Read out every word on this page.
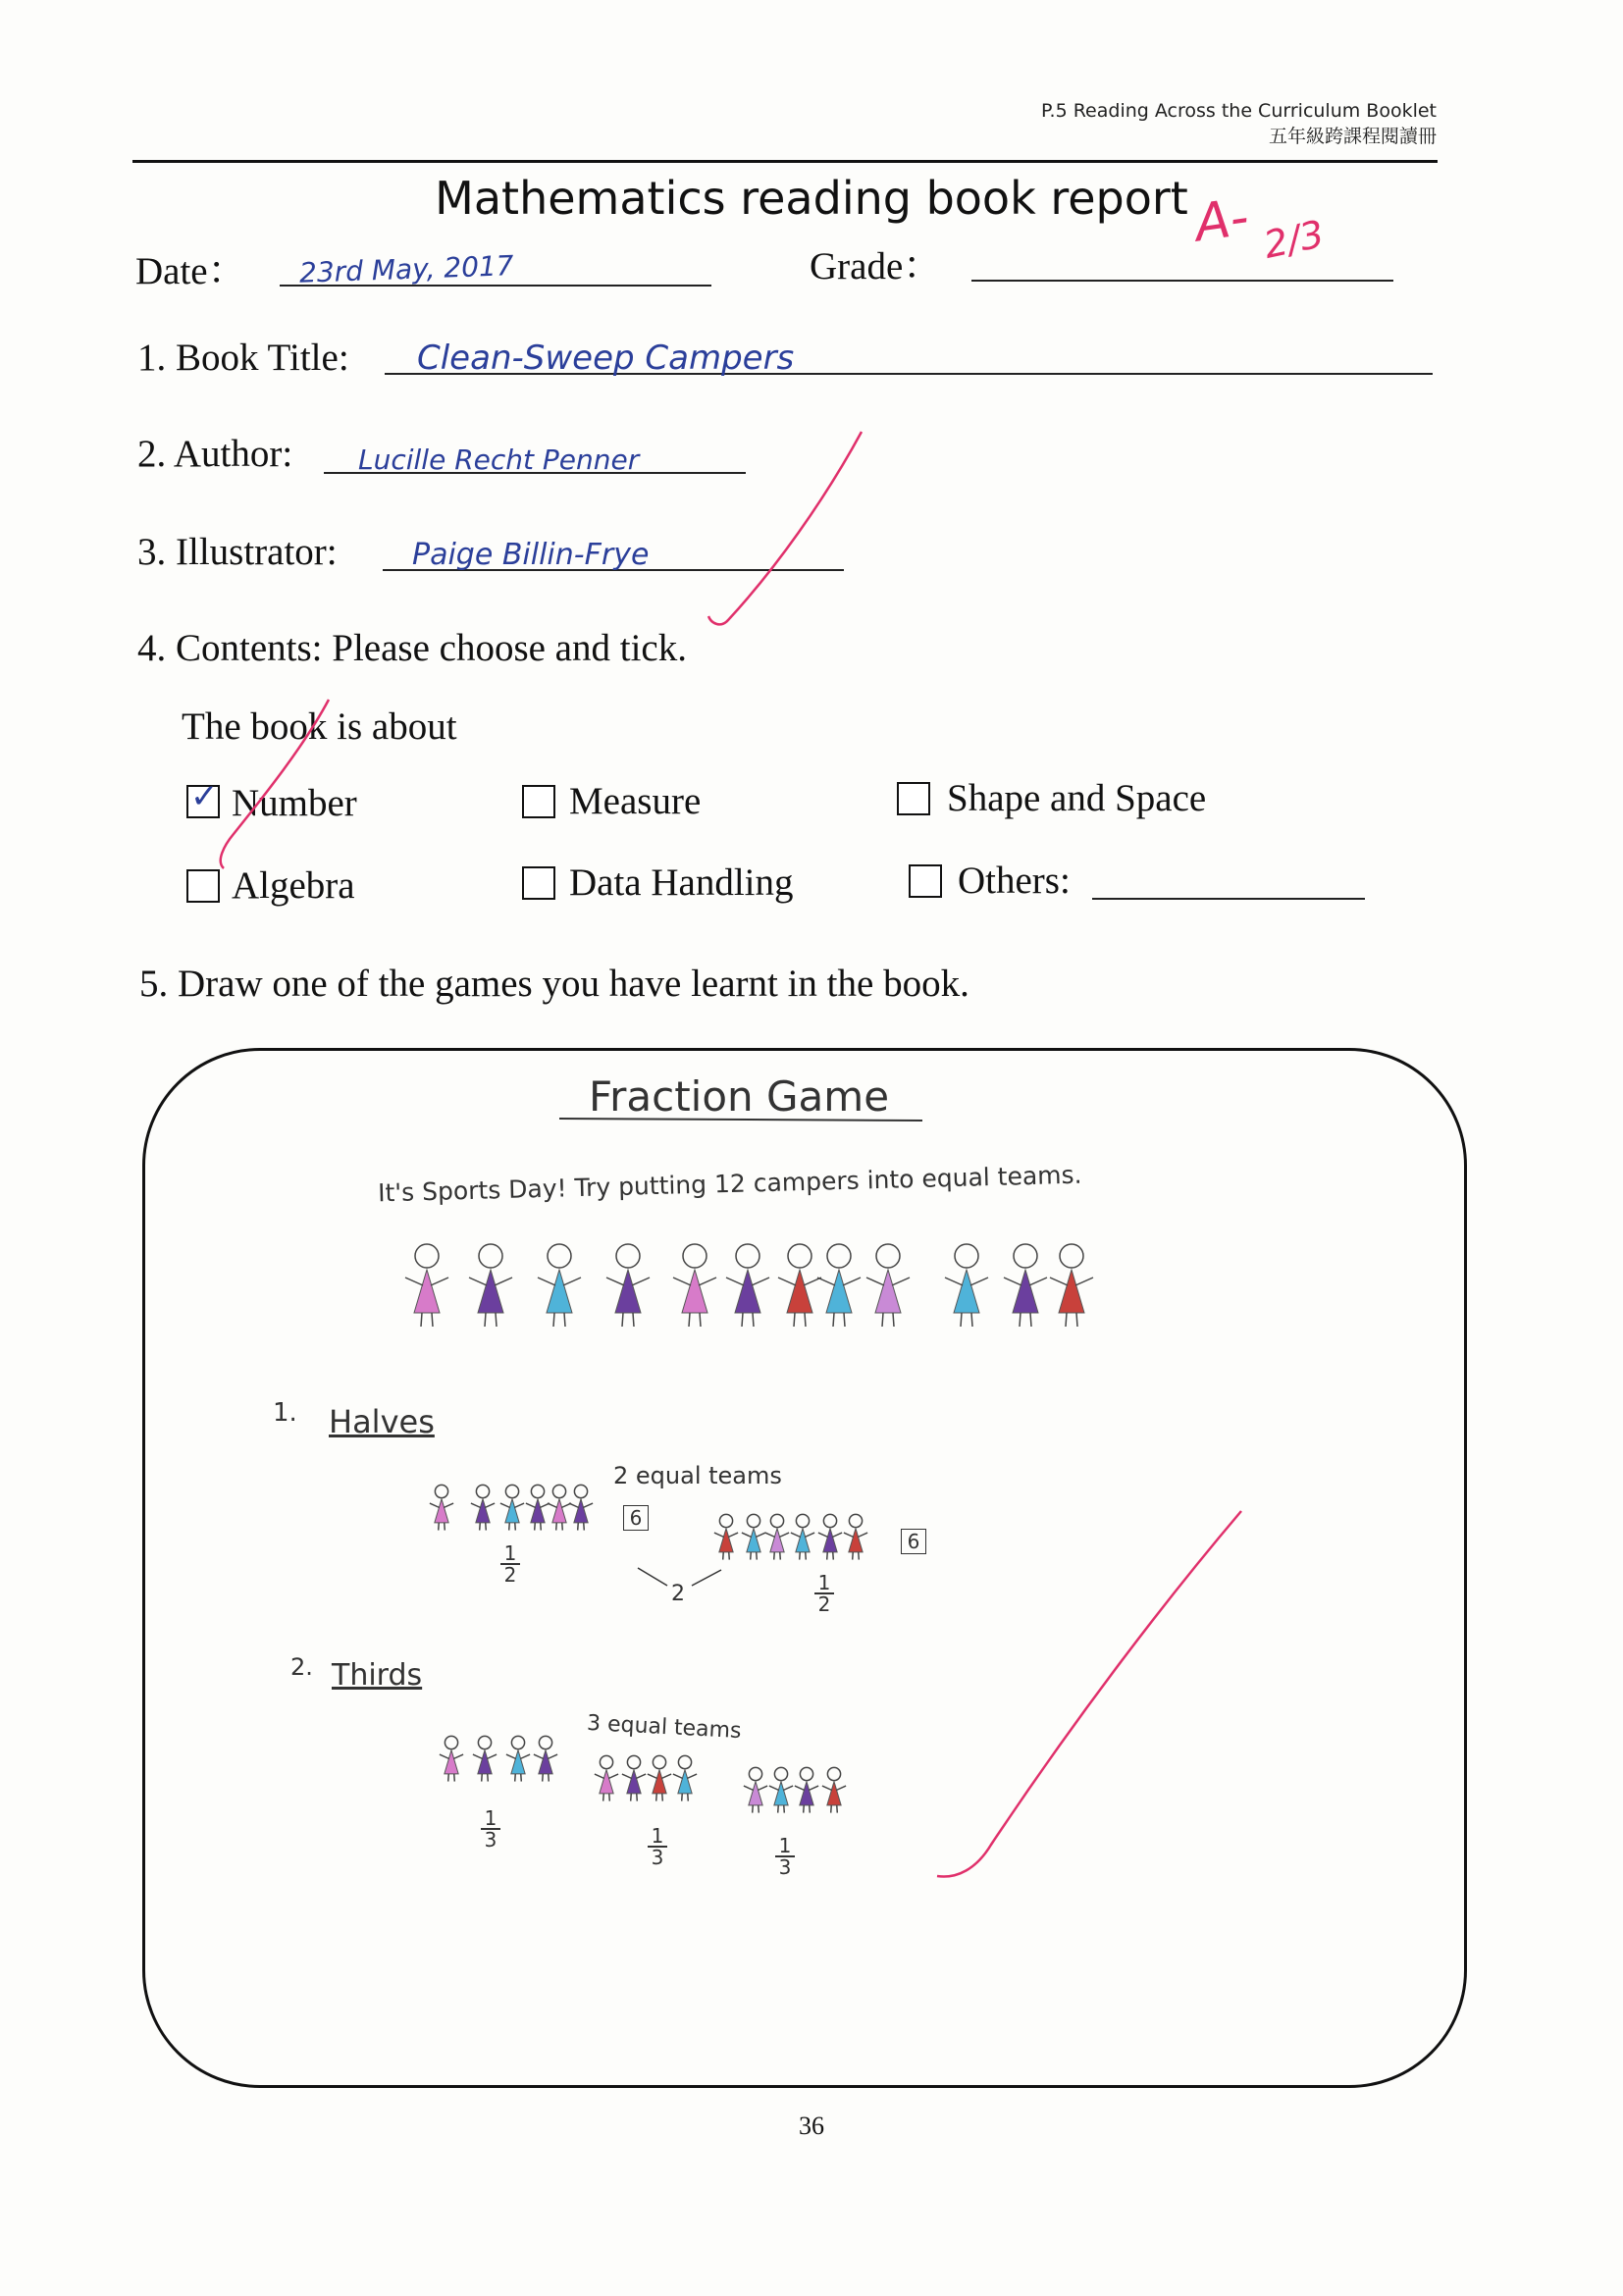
P.5 Reading Across the Curriculum Booklet
五年級跨課程閱讀冊
Mathematics reading book report
Date： 23rd May, 2017	Grade：
A- 2/3
1. Book Title: Clean-Sweep Campers
2. Author: Lucille Recht Penner
3. Illustrator:	Paige Billin-Frye
4. Contents: Please choose and tick.
The book is about
✓ Number	Measure	Shape and Space
Algebra	Data Handling	Others:
5. Draw one of the games you have learnt in the book.
Fraction Game
It's Sports Day! Try putting 12 campers into equal teams.
1. Halves
2 equal teams
6
6
1
2	1
2
2
2. Thirds
3 equal teams
1
3	1
3	1
3
36
